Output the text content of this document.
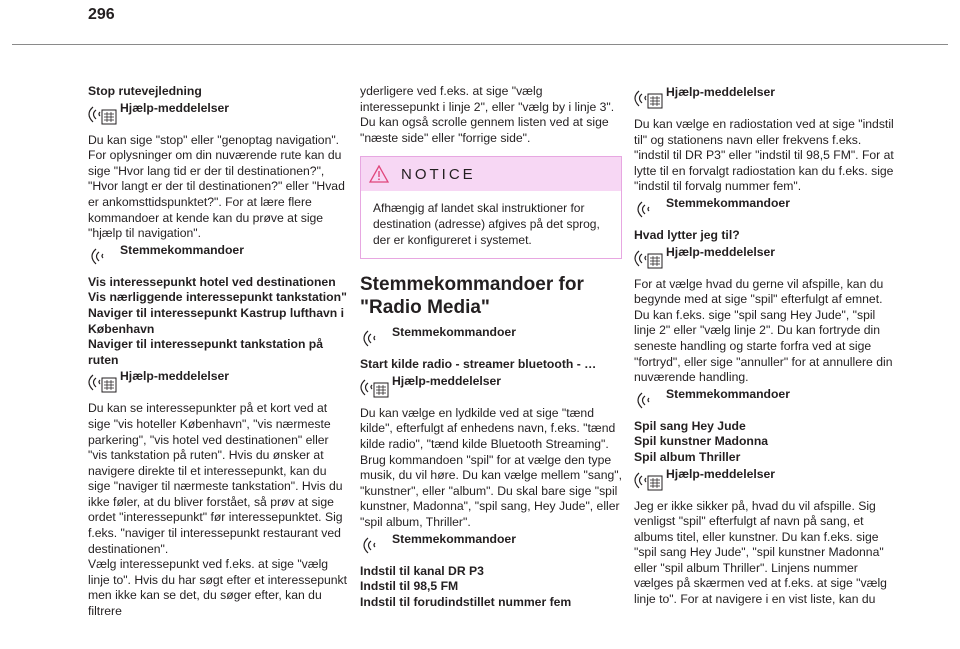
296
Stop rutevejledning
Hjælp-meddelelser
Du kan sige "stop" eller "genoptag navigation". For oplysninger om din nuværende rute kan du sige "Hvor lang tid er der til destinationen?", "Hvor langt er der til destinationen?" eller "Hvad er ankomsttidspunktet?". For at lære flere kommandoer at kende kan du prøve at sige "hjælp til navigation".
Stemmekommandoer
Vis interessepunkt hotel ved destinationen
Vis nærliggende interessepunkt tankstation"
Naviger til interessepunkt Kastrup lufthavn i København
Naviger til interessepunkt tankstation på ruten
Hjælp-meddelelser
Du kan se interessepunkter på et kort ved at sige "vis hoteller København", "vis nærmeste parkering", "vis hotel ved destinationen" eller "vis tankstation på ruten". Hvis du ønsker at navigere direkte til et interessepunkt, kan du sige "naviger til nærmeste tankstation". Hvis du ikke føler, at du bliver forstået, så prøv at sige ordet "interessepunkt" før interessepunktet. Sig f.eks. "naviger til interessepunkt restaurant ved destinationen".
Vælg interessepunkt ved f.eks. at sige "vælg linje to". Hvis du har søgt efter et interessepunkt men ikke kan se det, du søger efter, kan du filtrere
yderligere ved f.eks. at sige "vælg interessepunkt i linje 2", eller "vælg by i linje 3". Du kan også scrolle gennem listen ved at sige "næste side" eller "forrige side".
NOTICE
Afhængig af landet skal instruktioner for destination (adresse) afgives på det sprog, der er konfigureret i systemet.
Stemmekommandoer for
"Radio Media"
Stemmekommandoer
Start kilde radio - streamer bluetooth - …
Hjælp-meddelelser
Du kan vælge en lydkilde ved at sige "tænd kilde", efterfulgt af enhedens navn, f.eks. "tænd kilde radio", "tænd kilde Bluetooth Streaming". Brug kommandoen "spil" for at vælge den type musik, du vil høre. Du kan vælge mellem "sang", "kunstner", eller "album". Du skal bare sige "spil kunstner, Madonna", "spil sang, Hey Jude", eller "spil album, Thriller".
Stemmekommandoer
Indstil til kanal DR P3
Indstil til 98,5 FM
Indstil til forudindstillet nummer fem
Hjælp-meddelelser
Du kan vælge en radiostation ved at sige "indstil til" og stationens navn eller frekvens f.eks. "indstil til DR P3" eller "indstil til 98,5 FM". For at lytte til en forvalgt radiostation kan du f.eks. sige "indstil til forvalg nummer fem".
Stemmekommandoer
Hvad lytter jeg til?
Hjælp-meddelelser
For at vælge hvad du gerne vil afspille, kan du begynde med at sige "spil" efterfulgt af emnet. Du kan f.eks. sige "spil sang Hey Jude", "spil linje 2" eller "vælg linje 2". Du kan fortryde din seneste handling og starte forfra ved at sige "fortryd", eller sige "annuller" for at annullere din nuværende handling.
Stemmekommandoer
Spil sang Hey Jude
Spil kunstner Madonna
Spil album Thriller
Hjælp-meddelelser
Jeg er ikke sikker på, hvad du vil afspille. Sig venligst "spil" efterfulgt af navn på sang, et albums titel, eller kunstner. Du kan f.eks. sige "spil sang Hey Jude", "spil kunstner Madonna" eller "spil album Thriller". Linjens nummer vælges på skærmen ved at f.eks. at sige "vælg linje to". For at navigere i en vist liste, kan du
